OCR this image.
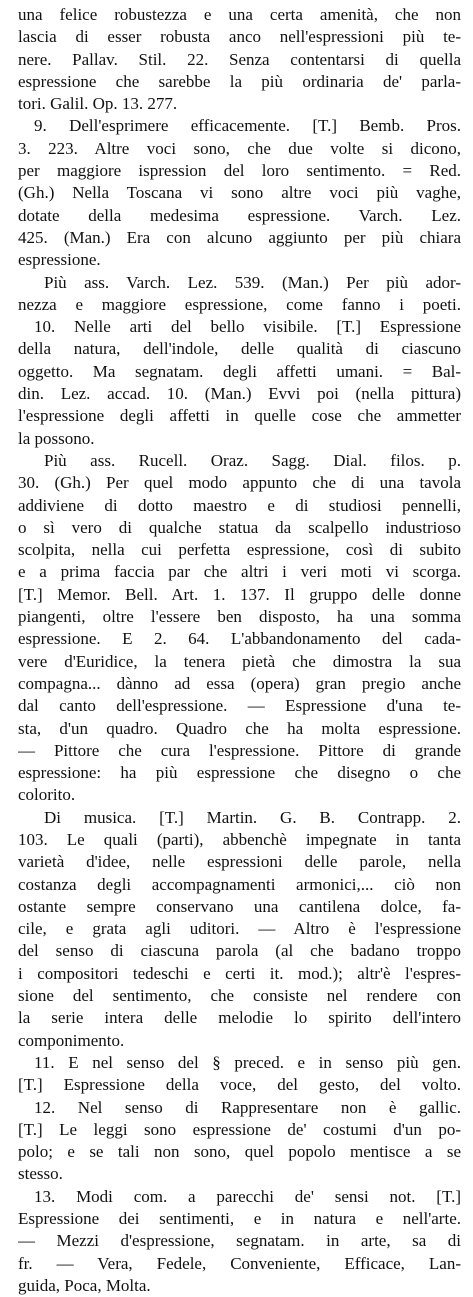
una felice robustezza e una certa amenità, che non
lascia di esser robusta anco nell'espressioni più te-
nere. Pallav. Stil. 22. Senza contentarsi di quella
espressione che sarebbe la più ordinaria de' parla-
tori. Galil. Op. 13. 277.
9. Dell'esprimere efficacemente. [T.] Bemb. Pros.
3. 223. Altre voci sono, che due volte si dicono,
per maggiore ispression del loro sentimento. = Red.
(Gh.) Nella Toscana vi sono altre voci più vaghe,
dotate della medesima espressione. Varch. Lez.
425. (Man.) Era con alcuno aggiunto per più chiara
espressione.
Più ass. Varch. Lez. 539. (Man.) Per più ador-
nezza e maggiore espressione, come fanno i poeti.
10. Nelle arti del bello visibile. [T.] Espressione
della natura, dell'indole, delle qualità di ciascuno
oggetto. Ma segnatam. degli affetti umani. = Bal-
din. Lez. accad. 10. (Man.) Evvi poi (nella pittura)
l'espressione degli affetti in quelle cose che ammetter
la possono.
Più ass. Rucell. Oraz. Sagg. Dial. filos. p.
30. (Gh.) Per quel modo appunto che di una tavola
addiviene di dotto maestro e di studiosi pennelli,
o sì vero di qualche statua da scalpello industrioso
scolpita, nella cui perfetta espressione, così di subito
e a prima faccia par che altri i veri moti vi scorga.
[T.] Memor. Bell. Art. 1. 137. Il gruppo delle donne
piangenti, oltre l'essere ben disposto, ha una somma
espressione. E 2. 64. L'abbandonamento del cada-
vere d'Euridice, la tenera pietà che dimostra la sua
compagna... dànno ad essa (opera) gran pregio anche
dal canto dell'espressione. — Espressione d'una te-
sta, d'un quadro. Quadro che ha molta espressione.
— Pittore che cura l'espressione. Pittore di grande
espressione: ha più espressione che disegno o che
colorito.
Di musica. [T.] Martin. G. B. Contrapp. 2.
103. Le quali (parti), abbenchè impegnate in tanta
varietà d'idee, nelle espressioni delle parole, nella
costanza degli accompagnamenti armonici,... ciò non
ostante sempre conservano una cantilena dolce, fa-
cile, e grata agli uditori. — Altro è l'espressione
del senso di ciascuna parola (al che badano troppo
i compositori tedeschi e certi it. mod.); altr'è l'espres-
sione del sentimento, che consiste nel rendere con
la serie intera delle melodie lo spirito dell'intero
componimento.
11. E nel senso del § preced. e in senso più gen.
[T.] Espressione della voce, del gesto, del volto.
12. Nel senso di Rappresentare non è gallic.
[T.] Le leggi sono espressione de' costumi d'un po-
polo; e se tali non sono, quel popolo mentisce a se
stesso.
13. Modi com. a parecchi de' sensi not. [T.]
Espressione dei sentimenti, e in natura e nell'arte.
— Mezzi d'espressione, segnatam. in arte, sa di
fr. — Vera, Fedele, Conveniente, Efficace, Lan-
guida, Poca, Molta.
